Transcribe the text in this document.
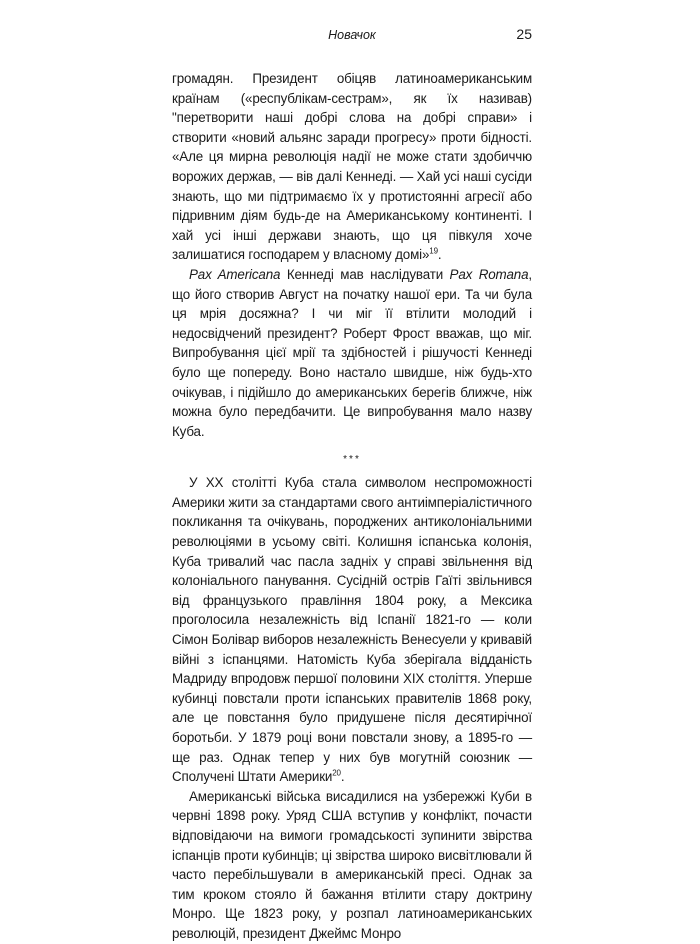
Новачок	25

громадян. Президент обіцяв латиноамериканським країнам («республікам-сестрам», як їх називав) "перетворити наші добрі слова на добрі справи» і створити «новий альянс заради прогресу» проти бідності. «Але ця мирна революція надії не може стати здобиччю ворожих держав, — вів далі Кеннеді. — Хай усі наші сусіди знають, що ми підтримаємо їх у протистоянні агресії або підривним діям будь-де на Американському континенті. І хай усі інші держави знають, що ця півкуля хоче залишатися господарем у власному домі»$^{19}$.

Pax Americana Кеннеді мав наслідувати Pax Romana, що його створив Август на початку нашої ери. Та чи була ця мрія досяжна? І чи міг її втілити молодий і недосвідчений президент? Роберт Фрост вважав, що міг. Випробування цієї мрії та здібностей і рішучості Кеннеді було ще попереду. Воно настало швидше, ніж будь-хто очікував, і підійшло до американських берегів ближче, ніж можна було передбачити. Це випробування мало назву Куба.

***

У XX столітті Куба стала символом неспроможності Америки жити за стандартами свого антиімперіалістичного покликання та очікувань, породжених антиколоніальними революціями в усьому світі. Колишня іспанська колонія, Куба тривалий час пасла задніх у справі звільнення від колоніального панування. Сусідній острів Гаїті звільнився від французького правління 1804 року, а Мексика проголосила незалежність від Іспанії 1821-го — коли Сімон Болівар виборов незалежність Венесуели у кривавій війні з іспанцями. Натомість Куба зберігала відданість Мадриду впродовж першої половини XIX століття. Уперше кубинці повстали проти іспанських правителів 1868 року, але це повстання було придушене після десятирічної боротьби. У 1879 році вони повстали знову, а 1895-го — ще раз. Однак тепер у них був могутній союзник — Сполучені Штати Америки$^{20}$.

Американські війська висадилися на узбережжі Куби в червні 1898 року. Уряд США вступив у конфлікт, почасти відповідаючи на вимоги громадськості зупинити звірства іспанців проти кубинців; ці звірства широко висвітлювали й часто перебільшували в американській пресі. Однак за тим кроком стояло й бажання втілити стару доктрину Монро. Ще 1823 року, у розпал латиноамериканських революцій, президент Джеймс Монро
